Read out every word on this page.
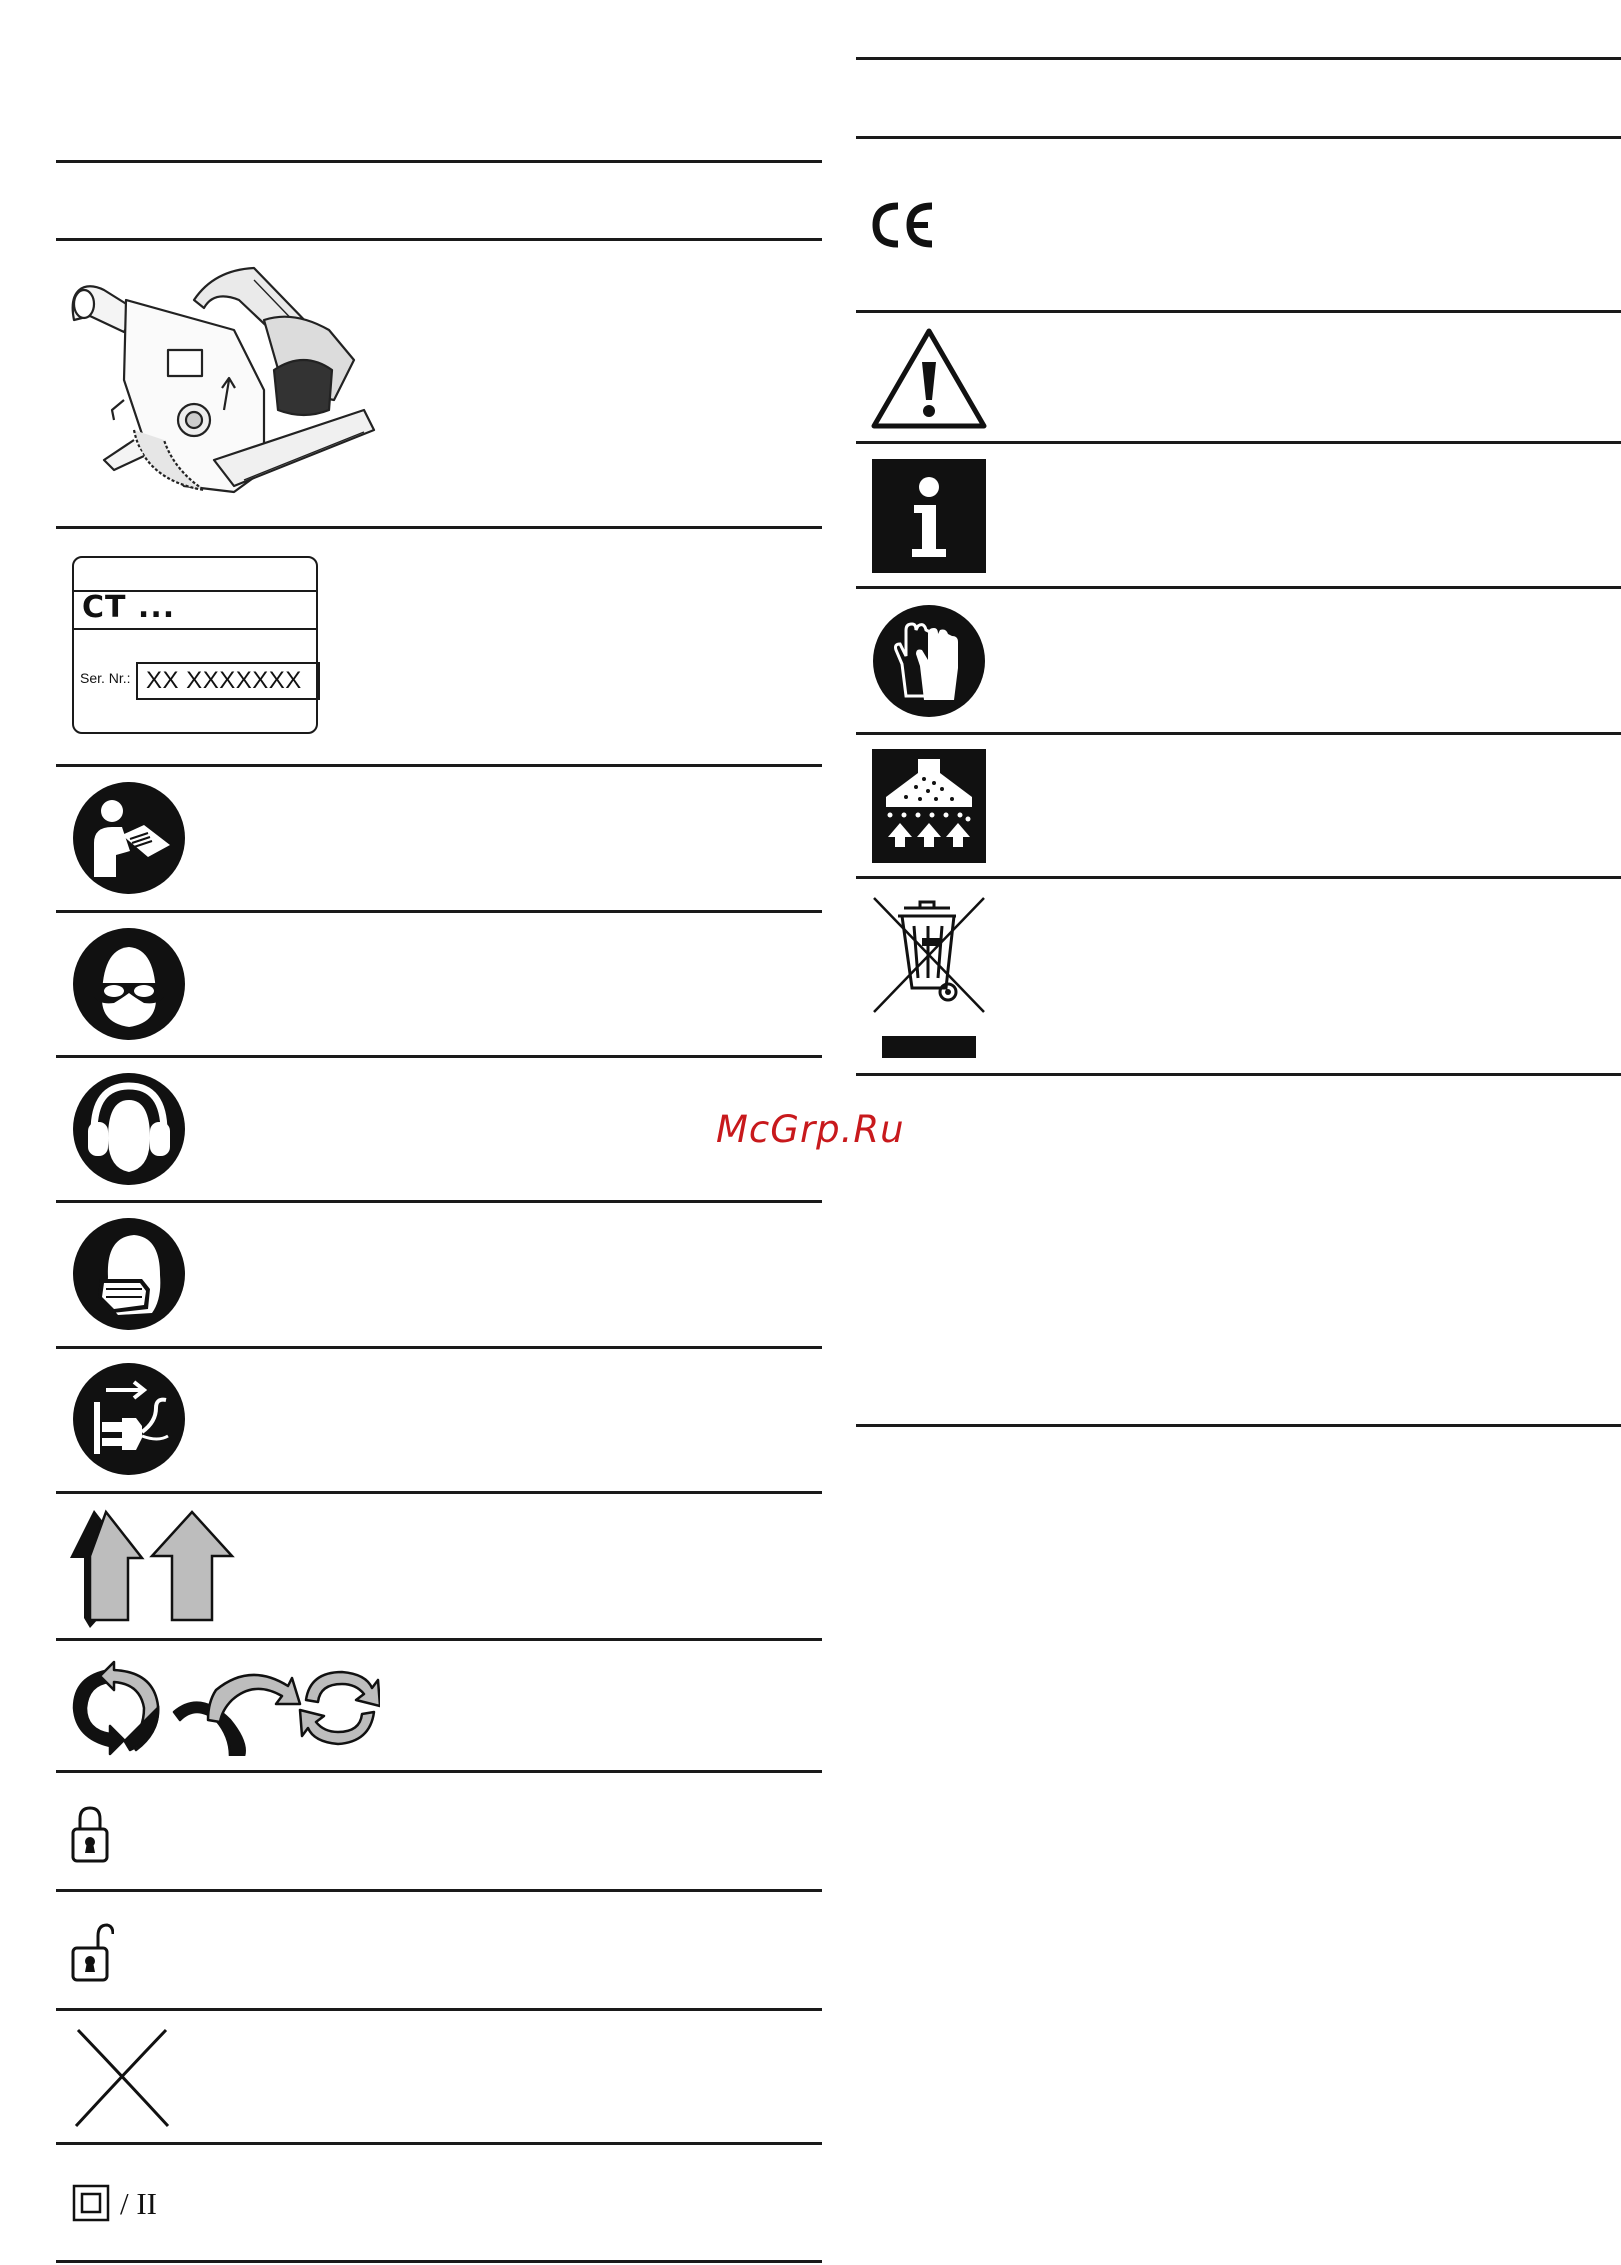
CT ...
Ser. Nr.: XX XXXXXXX
/ II
McGrp.Ru
